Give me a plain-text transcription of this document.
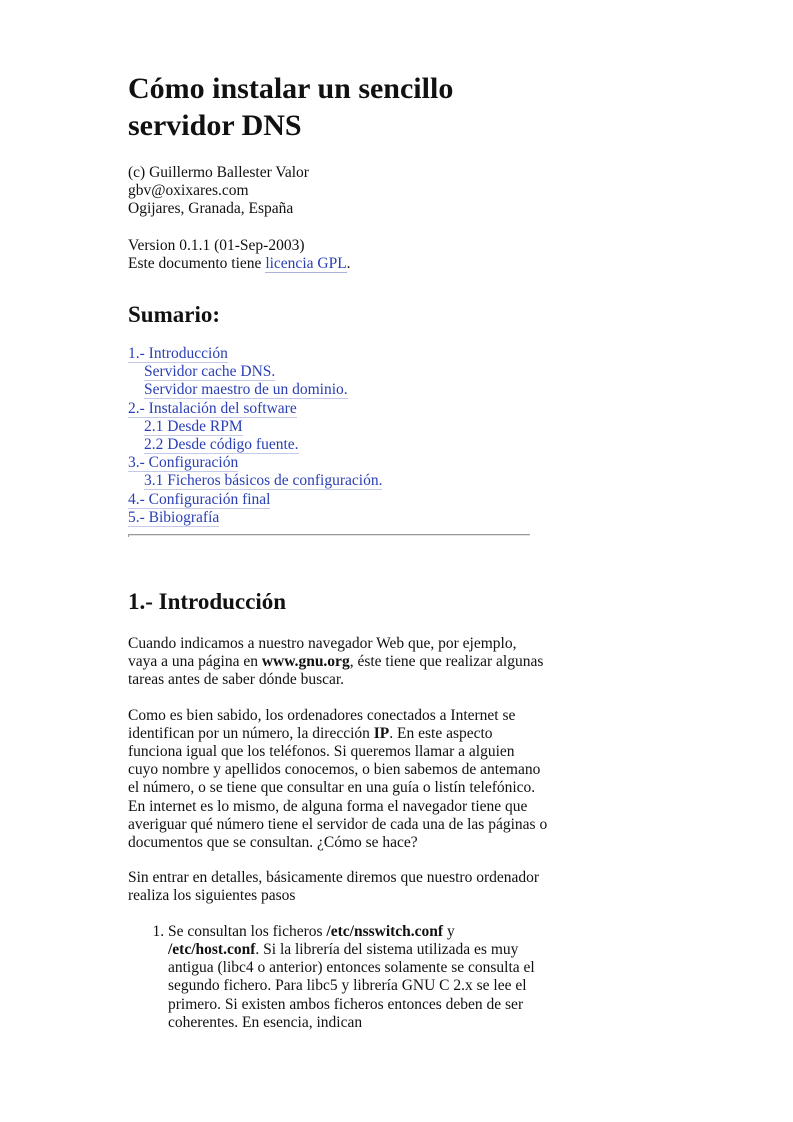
Cómo instalar un sencillo servidor DNS

(c) Guillermo Ballester Valor

gbv@oxixares.com

Ogijares, Granada, España

Version 0.1.1 (01-Sep-2003)

Este documento tiene licencia GPL.

Sumario:
1.- Introducción
Servidor cache DNS.
Servidor maestro de un dominio.
2.- Instalación del software
2.1 Desde RPM
2.2 Desde código fuente.
3.- Configuración
3.1 Ficheros básicos de configuración.
4.- Configuración final
5.- Bibiografía
1.- Introducción

Cuando indicamos a nuestro navegador Web que, por ejemplo, vaya a una página en www.gnu.org, éste tiene que realizar algunas tareas antes de saber dónde buscar.

Como es bien sabido, los ordenadores conectados a Internet se identifican por un número, la dirección IP. En este aspecto funciona igual que los teléfonos. Si queremos llamar a alguien cuyo nombre y apellidos conocemos, o bien sabemos de antemano el número, o se tiene que consultar en una guía o listín telefónico. En internet es lo mismo, de alguna forma el navegador tiene que averiguar qué número tiene el servidor de cada una de las páginas o documentos que se consultan. ¿Cómo se hace?

Sin entrar en detalles, básicamente diremos que nuestro ordenador realiza los siguientes pasos

1. Se consultan los ficheros /etc/nsswitch.conf y /etc/host.conf. Si la librería del sistema utilizada es muy antigua (libc4 o anterior) entonces solamente se consulta el segundo fichero. Para libc5 y librería GNU C 2.x se lee el primero. Si existen ambos ficheros entonces deben de ser coherentes. En esencia, indican
